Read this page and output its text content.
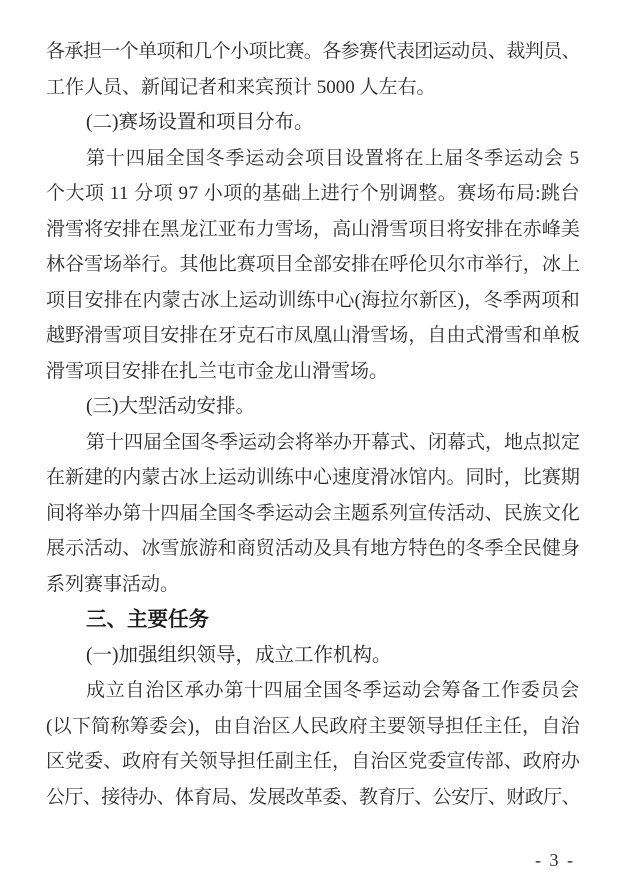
各承担一个单项和几个小项比赛。各参赛代表团运动员、裁判员、
工作人员、新闻记者和来宾预计 5000 人左右。
(二)赛场设置和项目分布。
第十四届全国冬季运动会项目设置将在上届冬季运动会 5
个大项 11 分项 97 小项的基础上进行个别调整。赛场布局:跳台
滑雪将安排在黑龙江亚布力雪场，高山滑雪项目将安排在赤峰美
林谷雪场举行。其他比赛项目全部安排在呼伦贝尔市举行，冰上
项目安排在内蒙古冰上运动训练中心(海拉尔新区)，冬季两项和
越野滑雪项目安排在牙克石市凤凰山滑雪场，自由式滑雪和单板
滑雪项目安排在扎兰屯市金龙山滑雪场。
(三)大型活动安排。
第十四届全国冬季运动会将举办开幕式、闭幕式，地点拟定
在新建的内蒙古冰上运动训练中心速度滑冰馆内。同时，比赛期
间将举办第十四届全国冬季运动会主题系列宣传活动、民族文化
展示活动、冰雪旅游和商贸活动及具有地方特色的冬季全民健身
系列赛事活动。
三、主要任务
(一)加强组织领导，成立工作机构。
成立自治区承办第十四届全国冬季运动会筹备工作委员会
(以下简称筹委会)，由自治区人民政府主要领导担任主任，自治
区党委、政府有关领导担任副主任，自治区党委宣传部、政府办
公厅、接待办、体育局、发展改革委、教育厅、公安厅、财政厅、
- 3 -
